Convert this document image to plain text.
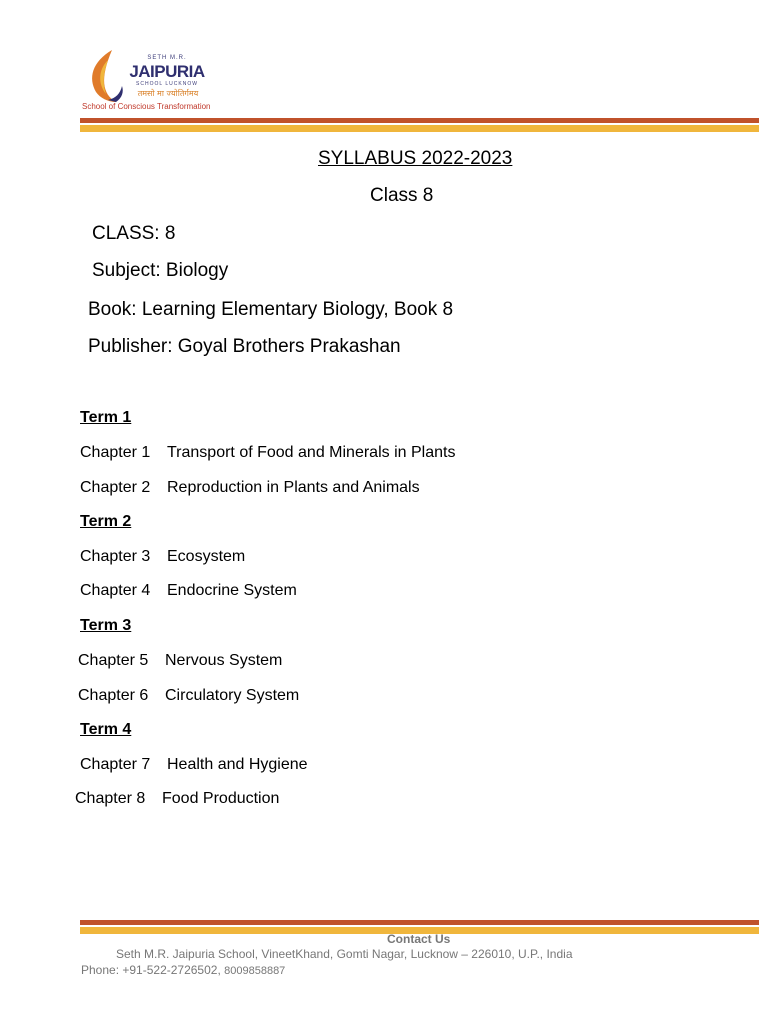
SETH M.R.
JAIPURIA
SCHOOL LUCKNOW
तमसो मा ज्योतिर्गमय
School of Conscious Transformation
SYLLABUS 2022-2023
Class 8
CLASS: 8
Subject: Biology
Book: Learning Elementary Biology, Book 8
Publisher: Goyal Brothers Prakashan
Term 1
Chapter 1 Transport of Food and Minerals in Plants
Chapter 2 Reproduction in Plants and Animals
Term 2
Chapter 3 Ecosystem
Chapter 4 Endocrine System
Term 3
Chapter 5 Nervous System
Chapter 6 Circulatory System
Term 4
Chapter 7 Health and Hygiene
Chapter 8 Food Production
Contact Us
Seth M.R. Jaipuria School, VineetKhand, Gomti Nagar, Lucknow – 226010, U.P., India
Phone: +91-522-2726502, 8009858887
